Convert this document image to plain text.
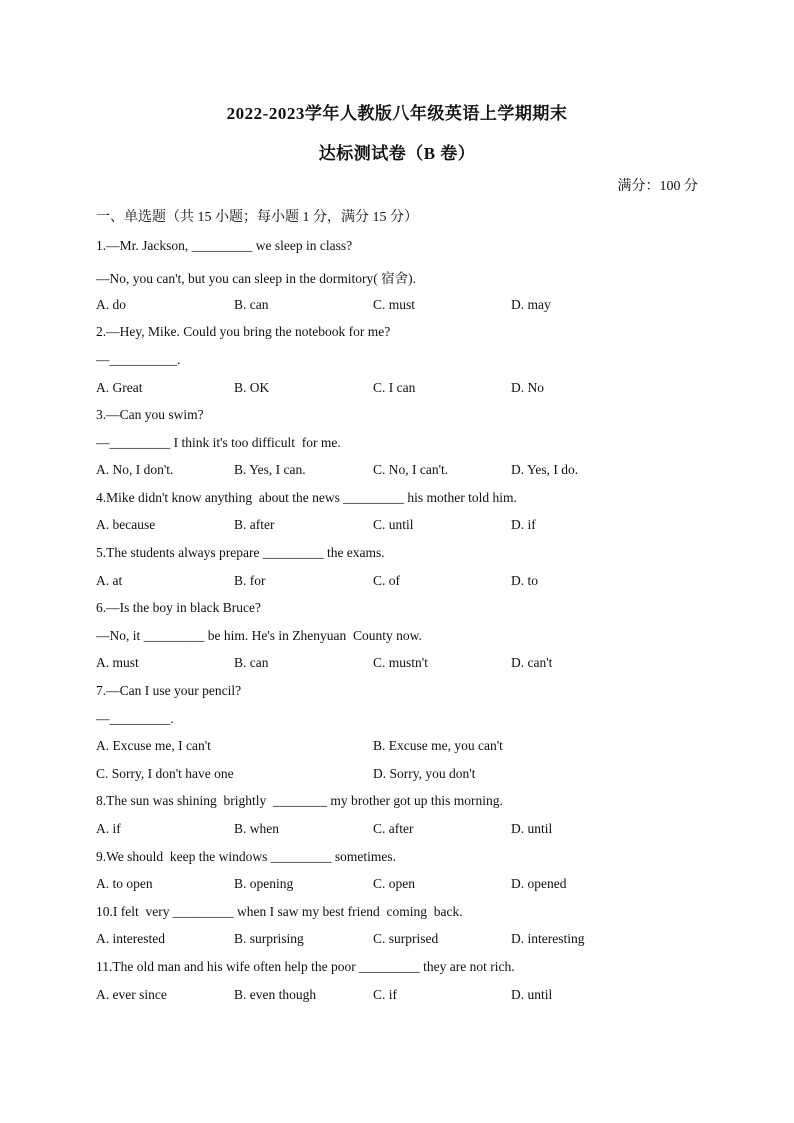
2022-2023学年人教版八年级英语上学期期末
达标测试卷（B 卷）
满分：100 分
一、单选题（共 15 小题；每小题 1 分，满分 15 分）
1.—Mr. Jackson, _________ we sleep in class?
—No, you can't, but you can sleep in the dormitory( 宿舍).
A. do	B. can	C. must	D. may
2.—Hey, Mike. Could you bring the notebook for me?
—__________.
A. Great	B. OK	C. I can	D. No
3.—Can you swim?
—_________ I think it's too difficult  for me.
A. No, I don't.	B. Yes, I can.	C. No, I can't.	D. Yes, I do.
4.Mike didn't know anything  about the news _________ his mother told him.
A. because	B. after	C. until	D. if
5.The students always prepare _________ the exams.
A. at	B. for	C. of	D. to
6.—Is the boy in black Bruce?
—No, it _________ be him. He's in Zhenyuan  County now.
A. must	B. can	C. mustn't	D. can't
7.—Can I use your pencil?
—_________.
A. Excuse me, I can't	B. Excuse me, you can't
C. Sorry, I don't have one	D. Sorry, you don't
8.The sun was shining  brightly  ________ my brother got up this morning.
A. if	B. when	C. after	D. until
9.We should  keep the windows _________ sometimes.
A. to open	B. opening	C. open	D. opened
10.I felt  very _________ when I saw my best friend  coming  back.
A. interested	B. surprising	C. surprised	D. interesting
11.The old man and his wife often help the poor _________ they are not rich.
A. ever since	B. even though	C. if	D. until
